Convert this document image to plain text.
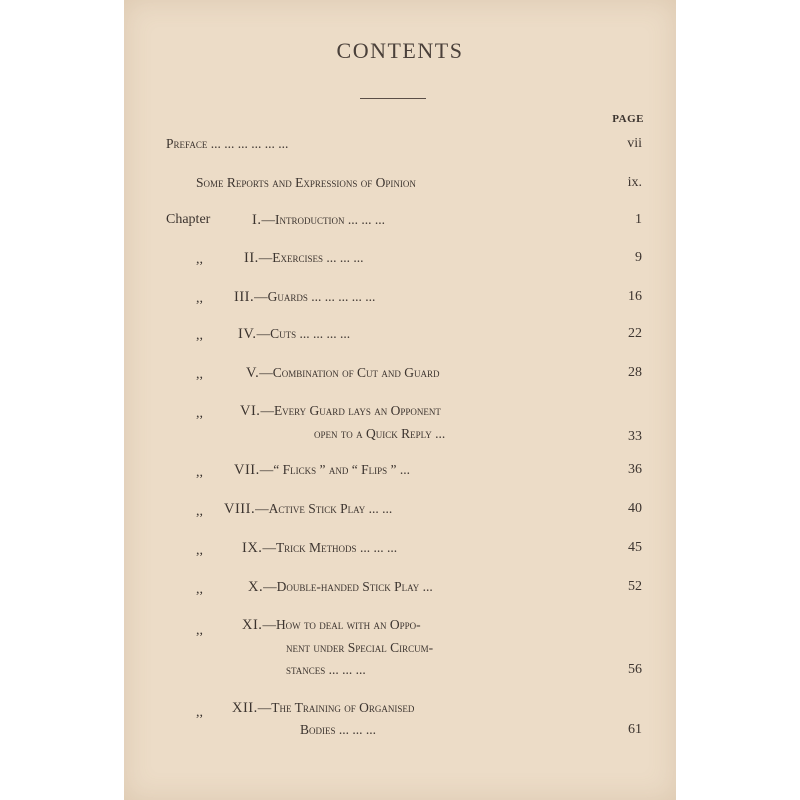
CONTENTS
PAGE
Preface ... ... ... ... ... ...	vii
Some Reports and Expressions of Opinion	ix.
Chapter	I.—Introduction ... ... ...	1
,,	II.—Exercises ... ... ...	9
,, III.—Guards ... ... ... ... ...	16
,, IV.—Cuts ... ... ... ...	22
,,	V.—Combination of Cut and Guard	28
,,	VI.—Every Guard lays an Opponent
open to a Quick Reply ...	33
,, VII.—“ Flicks ” and “ Flips ” ...	36
,, VIII.—Active Stick Play ... ...	40
,,	IX.—Trick Methods ... ... ...	45
,,	X.—Double-handed Stick Play ...	52
,,	XI.—How to deal with an Oppo-
nent under Special Circum-
stances ... ... ...	56
,, XII.—The Training of Organised
Bodies ... ... ...	61
